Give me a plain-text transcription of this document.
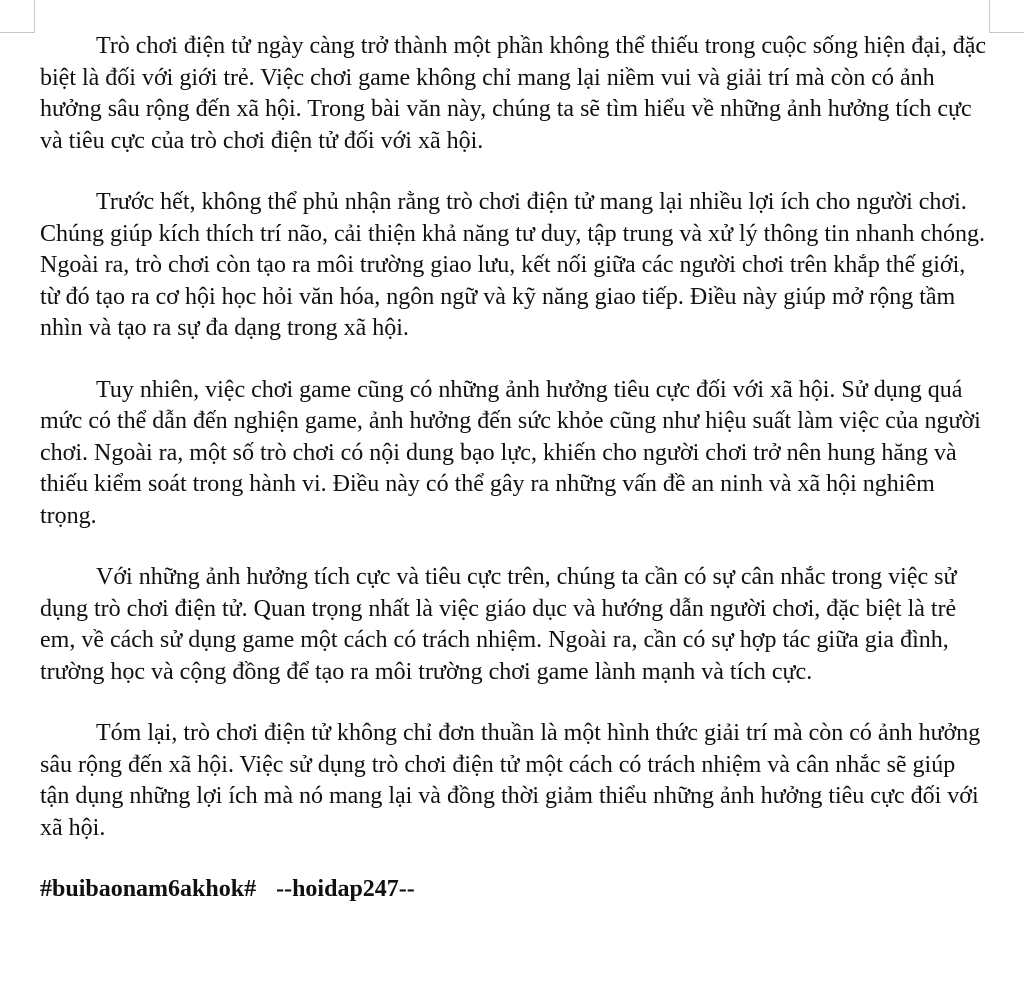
Trò chơi điện tử ngày càng trở thành một phần không thể thiếu trong cuộc sống hiện đại, đặc biệt là đối với giới trẻ. Việc chơi game không chỉ mang lại niềm vui và giải trí mà còn có ảnh hưởng sâu rộng đến xã hội. Trong bài văn này, chúng ta sẽ tìm hiểu về những ảnh hưởng tích cực và tiêu cực của trò chơi điện tử đối với xã hội.

Trước hết, không thể phủ nhận rằng trò chơi điện tử mang lại nhiều lợi ích cho người chơi. Chúng giúp kích thích trí não, cải thiện khả năng tư duy, tập trung và xử lý thông tin nhanh chóng. Ngoài ra, trò chơi còn tạo ra môi trường giao lưu, kết nối giữa các người chơi trên khắp thế giới, từ đó tạo ra cơ hội học hỏi văn hóa, ngôn ngữ và kỹ năng giao tiếp. Điều này giúp mở rộng tầm nhìn và tạo ra sự đa dạng trong xã hội.

Tuy nhiên, việc chơi game cũng có những ảnh hưởng tiêu cực đối với xã hội. Sử dụng quá mức có thể dẫn đến nghiện game, ảnh hưởng đến sức khỏe cũng như hiệu suất làm việc của người chơi. Ngoài ra, một số trò chơi có nội dung bạo lực, khiến cho người chơi trở nên hung hăng và thiếu kiểm soát trong hành vi. Điều này có thể gây ra những vấn đề an ninh và xã hội nghiêm trọng.

Với những ảnh hưởng tích cực và tiêu cực trên, chúng ta cần có sự cân nhắc trong việc sử dụng trò chơi điện tử. Quan trọng nhất là việc giáo dục và hướng dẫn người chơi, đặc biệt là trẻ em, về cách sử dụng game một cách có trách nhiệm. Ngoài ra, cần có sự hợp tác giữa gia đình, trường học và cộng đồng để tạo ra môi trường chơi game lành mạnh và tích cực.

Tóm lại, trò chơi điện tử không chỉ đơn thuần là một hình thức giải trí mà còn có ảnh hưởng sâu rộng đến xã hội. Việc sử dụng trò chơi điện tử một cách có trách nhiệm và cân nhắc sẽ giúp tận dụng những lợi ích mà nó mang lại và đồng thời giảm thiểu những ảnh hưởng tiêu cực đối với xã hội.

#buibaonam6akhok# --hoidap247--
